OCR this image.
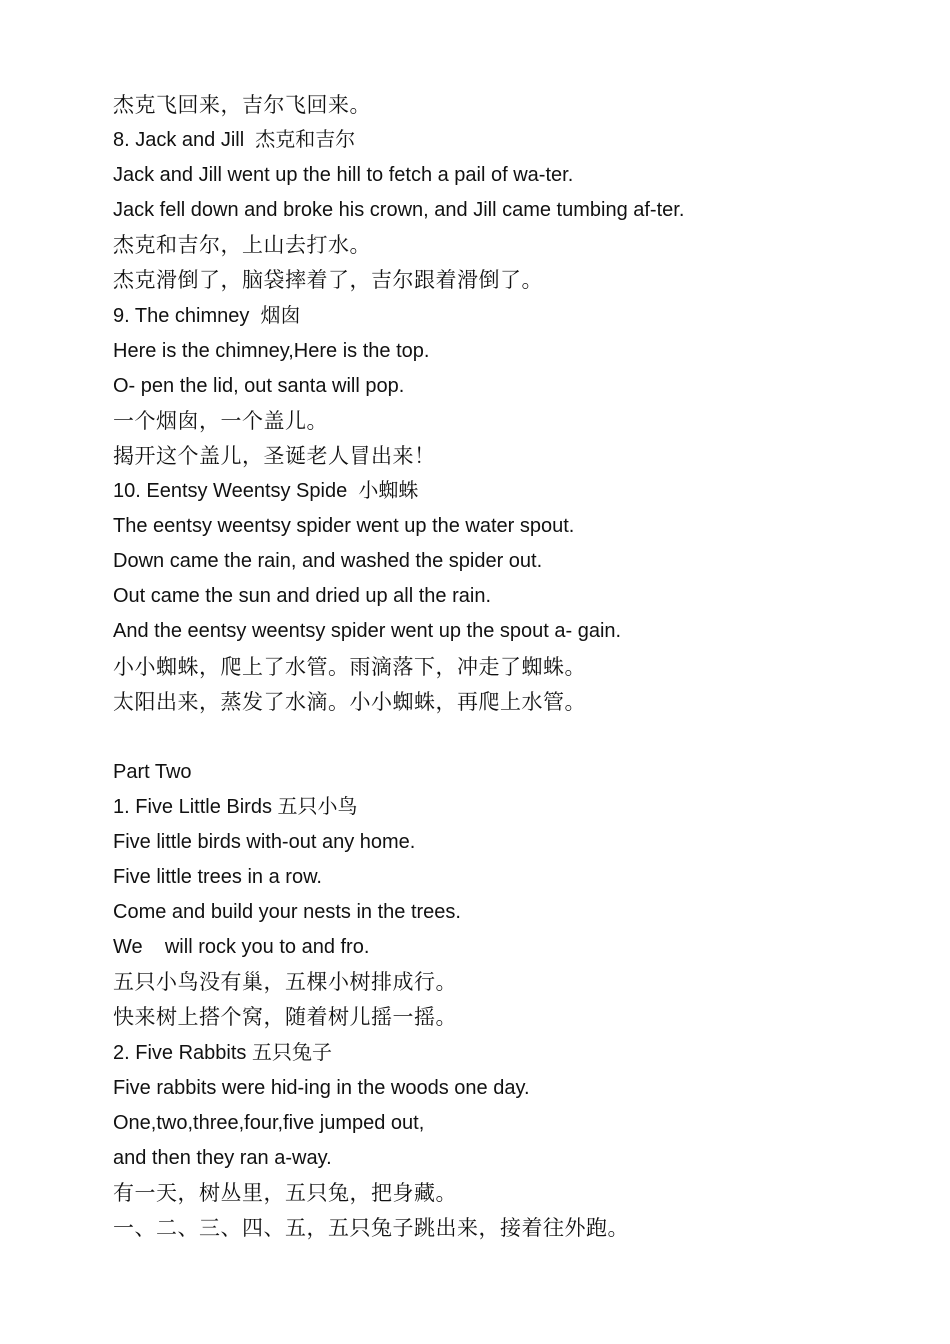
杰克飞回来，吉尔飞回来。
8. Jack and Jill  杰克和吉尔
Jack and Jill went up the hill to fetch a pail of wa-ter.
Jack fell down and broke his crown, and Jill came tumbing af-ter.
杰克和吉尔，上山去打水。
杰克滑倒了，脑袋摔着了，吉尔跟着滑倒了。
9. The chimney  烟囱
Here is the chimney,Here is the top.
O- pen the lid, out santa will pop.
一个烟囱，一个盖儿。
揭开这个盖儿，圣诞老人冒出来！
10. Eentsy Weentsy Spide  小蜘蛛
The eentsy weentsy spider went up the water spout.
Down came the rain, and washed the spider out.
Out came the sun and dried up all the rain.
And the eentsy weentsy spider went up the spout a- gain.
小小蜘蛛，爬上了水管。雨滴落下，冲走了蜘蛛。
太阳出来，蒸发了水滴。小小蜘蛛，再爬上水管。
Part Two
1. Five Little Birds 五只小鸟
Five little birds with-out any home.
Five little trees in a row.
Come and build your nests in the trees.
We    will rock you to and fro.
五只小鸟没有巢，五棵小树排成行。
快来树上搭个窝，随着树儿摇一摇。
2. Five Rabbits 五只兔子
Five rabbits were hid-ing in the woods one day.
One,two,three,four,five jumped out,
and then they ran a-way.
有一天，树丛里，五只兔，把身藏。
一、二、三、四、五，五只兔子跳出来，接着往外跑。
